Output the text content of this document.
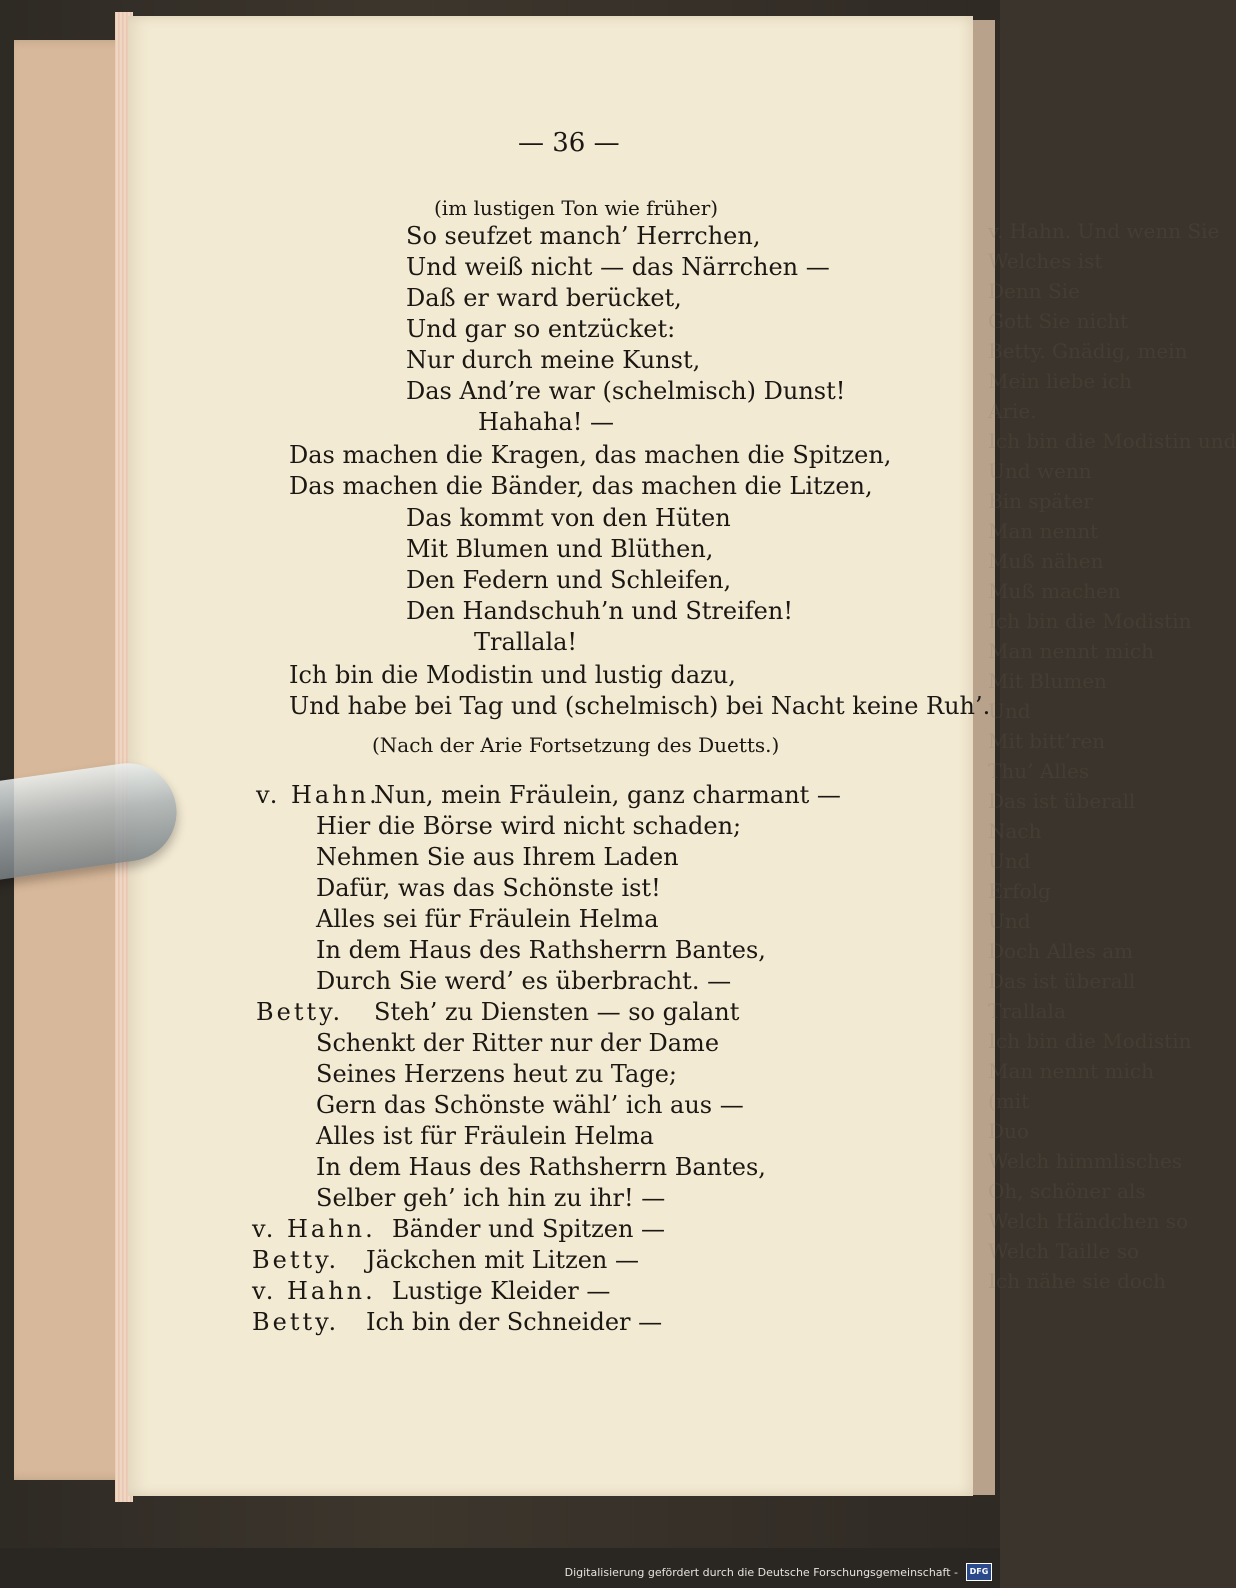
v. Hahn. Und wenn Sie
Welches ist
Denn Sie
Gott Sie nicht
Betty. Gnädig, mein
Mein liebe ich
Arie.
Ich bin die Modistin und
Und wenn
Bin später
Man nennt
Muß nähen
Muß machen
Ich bin die Modistin
Man nennt mich
Mit Blumen
Und
Mit bitt’ren
Thu’ Alles
Das ist überall
Nach
Und
Erfolg
Und
Doch Alles am
Das ist überall
Trallala
Ich bin die Modistin
Man nennt mich
(mit
Duo
Welch himmlisches
Oh, schöner als
Welch Händchen so
Welch Taille so
Ich nähe sie doch
— 36 —
(im lustigen Ton wie früher)
So seufzet manch’ Herrchen,
Und weiß nicht — das Närrchen —
Daß er ward berücket,
Und gar so entzücket:
Nur durch meine Kunst,
Das And’re war (schelmisch) Dunst!
Hahaha! —
Das machen die Kragen, das machen die Spitzen,
Das machen die Bänder, das machen die Litzen,
Das kommt von den Hüten
Mit Blumen und Blüthen,
Den Federn und Schleifen,
Den Handschuh’n und Streifen!
Trallala!
Ich bin die Modistin und lustig dazu,
Und habe bei Tag und (schelmisch) bei Nacht keine Ruh’.
(Nach der Arie Fortsetzung des Duetts.)
v. Hahn.
Nun, mein Fräulein, ganz charmant —
Hier die Börse wird nicht schaden;
Nehmen Sie aus Ihrem Laden
Dafür, was das Schönste ist!
Alles sei für Fräulein Helma
In dem Haus des Rathsherrn Bantes,
Durch Sie werd’ es überbracht. —
Betty. Steh’ zu Diensten — so galant
Schenkt der Ritter nur der Dame
Seines Herzens heut zu Tage;
Gern das Schönste wähl’ ich aus —
Alles ist für Fräulein Helma
In dem Haus des Rathsherrn Bantes,
Selber geh’ ich hin zu ihr! —
v. Hahn. Bänder und Spitzen —
Betty. Jäckchen mit Litzen —
v. Hahn. Lustige Kleider —
Betty. Ich bin der Schneider —
Digitalisierung gefördert durch die Deutsche Forschungsgemeinschaft -	DFG
